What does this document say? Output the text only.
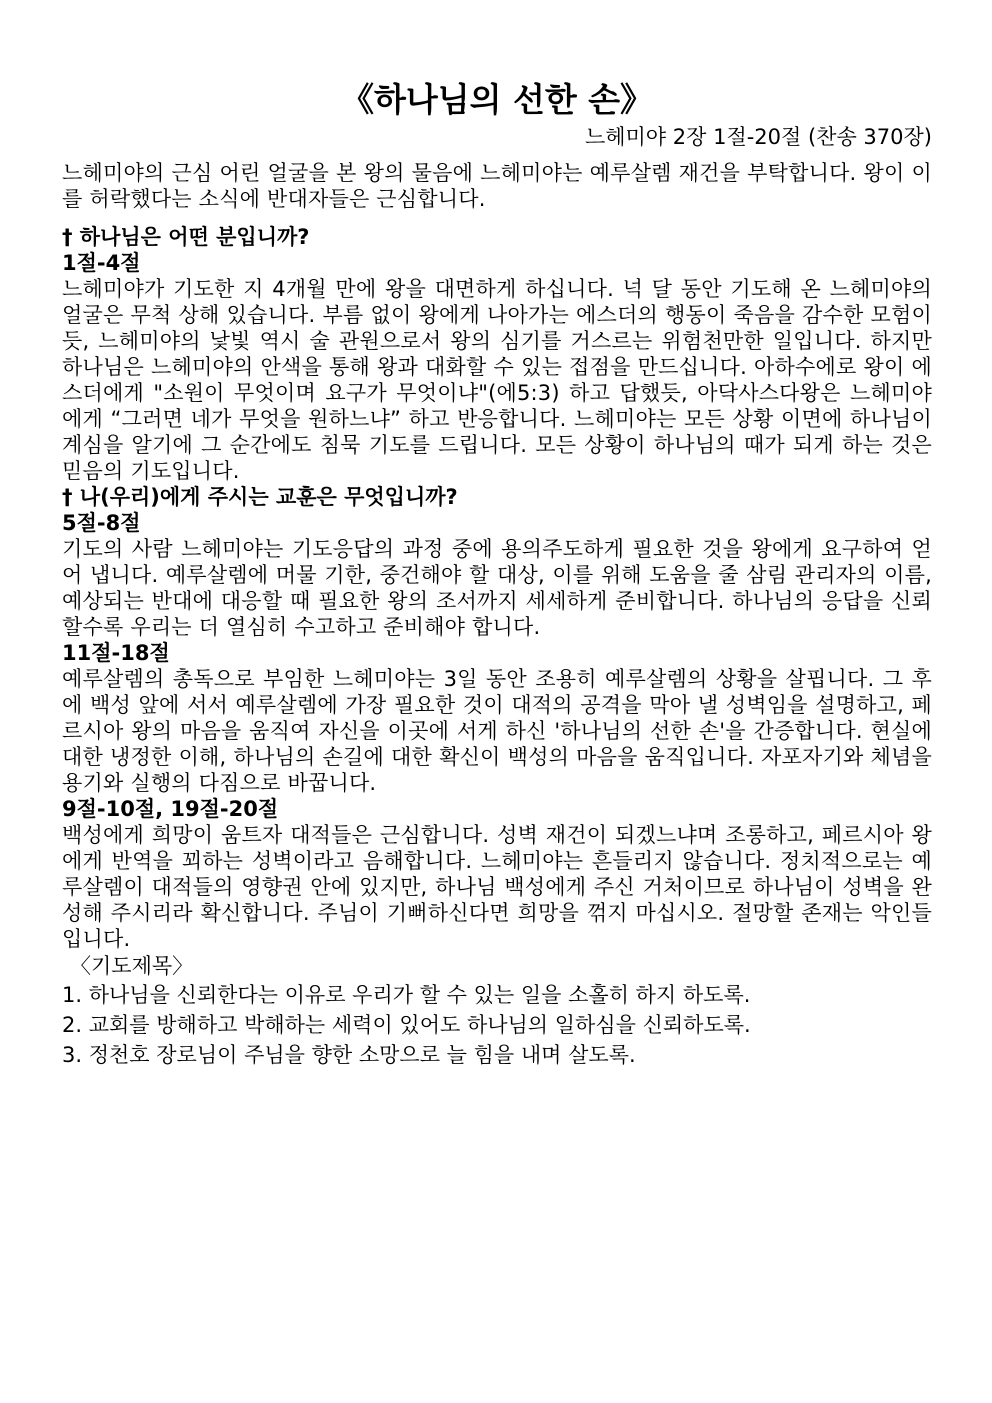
《하나님의 선한 손》
느헤미야 2장 1절-20절 (찬송 370장)

느헤미야의 근심 어린 얼굴을 본 왕의 물음에 느헤미야는 예루살렘 재건을 부탁합니다. 왕이 이를 허락했다는 소식에 반대자들은 근심합니다.

† 하나님은 어떤 분입니까?
1절-4절

느헤미야가 기도한 지 4개월 만에 왕을 대면하게 하십니다. 넉 달 동안 기도해 온 느헤미야의 얼굴은 무척 상해 있습니다. 부름 없이 왕에게 나아가는 에스더의 행동이 죽음을 감수한 모험이듯, 느헤미야의 낯빛 역시 술 관원으로서 왕의 심기를 거스르는 위험천만한 일입니다. 하지만 하나님은 느헤미야의 안색을 통해 왕과 대화할 수 있는 접점을 만드십니다. 아하수에로 왕이 에스더에게 "소원이 무엇이며 요구가 무엇이냐"(에5:3) 하고 답했듯, 아닥사스다왕은 느헤미야에게 “그러면 네가 무엇을 원하느냐” 하고 반응합니다. 느헤미야는 모든 상황 이면에 하나님이 계심을 알기에 그 순간에도 침묵 기도를 드립니다. 모든 상황이 하나님의 때가 되게 하는 것은 믿음의 기도입니다.

† 나(우리)에게 주시는 교훈은 무엇입니까?
5절-8절

기도의 사람 느헤미야는 기도응답의 과정 중에 용의주도하게 필요한 것을 왕에게 요구하여 얻어 냅니다. 예루살렘에 머물 기한, 중건해야 할 대상, 이를 위해 도움을 줄 삼림 관리자의 이름, 예상되는 반대에 대응할 때 필요한 왕의 조서까지 세세하게 준비합니다. 하나님의 응답을 신뢰할수록 우리는 더 열심히 수고하고 준비해야 합니다.

11절-18절

예루살렘의 총독으로 부임한 느헤미야는 3일 동안 조용히 예루살렘의 상황을 살핍니다. 그 후에 백성 앞에 서서 예루살렘에 가장 필요한 것이 대적의 공격을 막아 낼 성벽임을 설명하고, 페르시아 왕의 마음을 움직여 자신을 이곳에 서게 하신 '하나님의 선한 손'을 간증합니다. 현실에 대한 냉정한 이해, 하나님의 손길에 대한 확신이 백성의 마음을 움직입니다. 자포자기와 체념을 용기와 실행의 다짐으로 바꿉니다.

9절-10절, 19절-20절

백성에게 희망이 움트자 대적들은 근심합니다. 성벽 재건이 되겠느냐며 조롱하고, 페르시아 왕에게 반역을 꾀하는 성벽이라고 음해합니다. 느헤미야는 흔들리지 않습니다. 정치적으로는 예루살렘이 대적들의 영향권 안에 있지만, 하나님 백성에게 주신 거처이므로 하나님이 성벽을 완성해 주시리라 확신합니다. 주님이 기뻐하신다면 희망을 꺾지 마십시오. 절망할 존재는 악인들입니다.

〈기도제목〉
1. 하나님을 신뢰한다는 이유로 우리가 할 수 있는 일을 소홀히 하지 하도록.
2. 교회를 방해하고 박해하는 세력이 있어도 하나님의 일하심을 신뢰하도록.
3. 정천호 장로님이 주님을 향한 소망으로 늘 힘을 내며 살도록.
